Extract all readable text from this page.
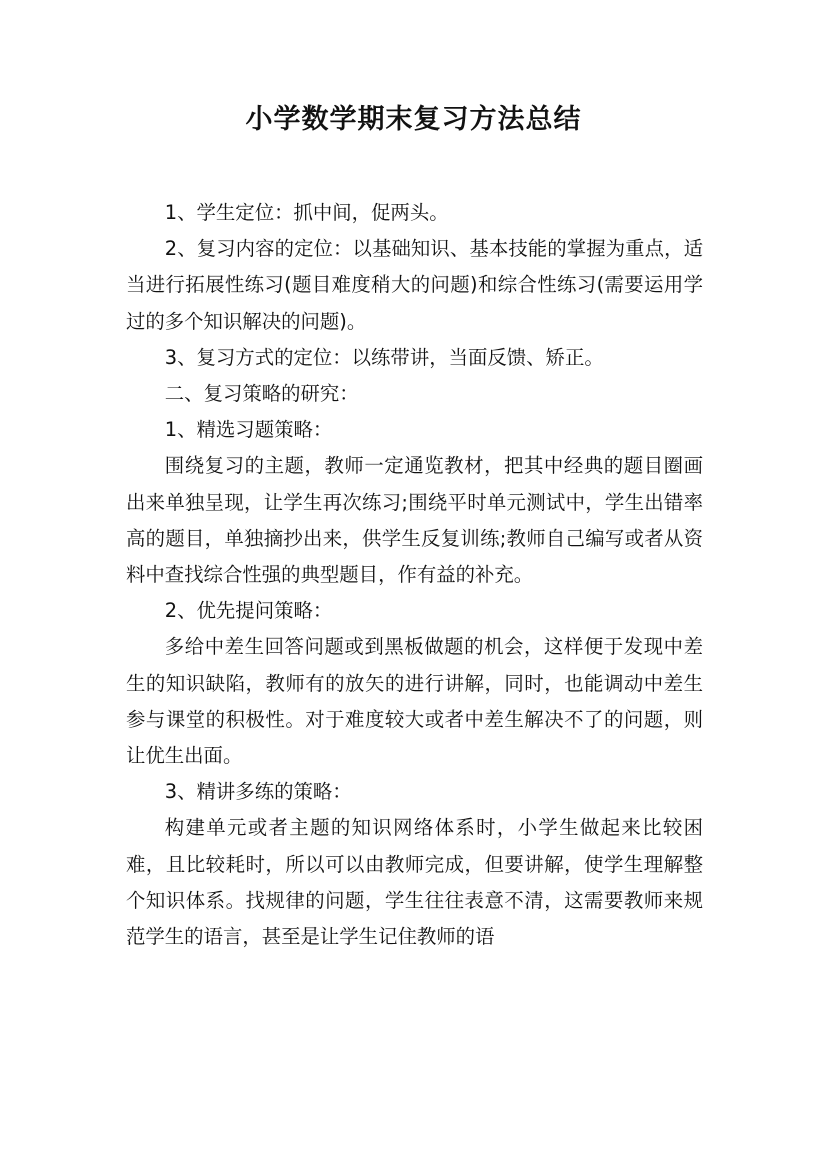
小学数学期末复习方法总结

1、学生定位：抓中间，促两头。

2、复习内容的定位：以基础知识、基本技能的掌握为重点，适当进行拓展性练习(题目难度稍大的问题)和综合性练习(需要运用学过的多个知识解决的问题)。

3、复习方式的定位：以练带讲，当面反馈、矫正。

二、复习策略的研究：

1、精选习题策略：

围绕复习的主题，教师一定通览教材，把其中经典的题目圈画出来单独呈现，让学生再次练习;围绕平时单元测试中，学生出错率高的题目，单独摘抄出来，供学生反复训练;教师自己编写或者从资料中查找综合性强的典型题目，作有益的补充。

2、优先提问策略：

多给中差生回答问题或到黑板做题的机会，这样便于发现中差生的知识缺陷，教师有的放矢的进行讲解，同时，也能调动中差生参与课堂的积极性。对于难度较大或者中差生解决不了的问题，则让优生出面。

3、精讲多练的策略：

构建单元或者主题的知识网络体系时，小学生做起来比较困难，且比较耗时，所以可以由教师完成，但要讲解，使学生理解整个知识体系。找规律的问题，学生往往表意不清，这需要教师来规范学生的语言，甚至是让学生记住教师的语
